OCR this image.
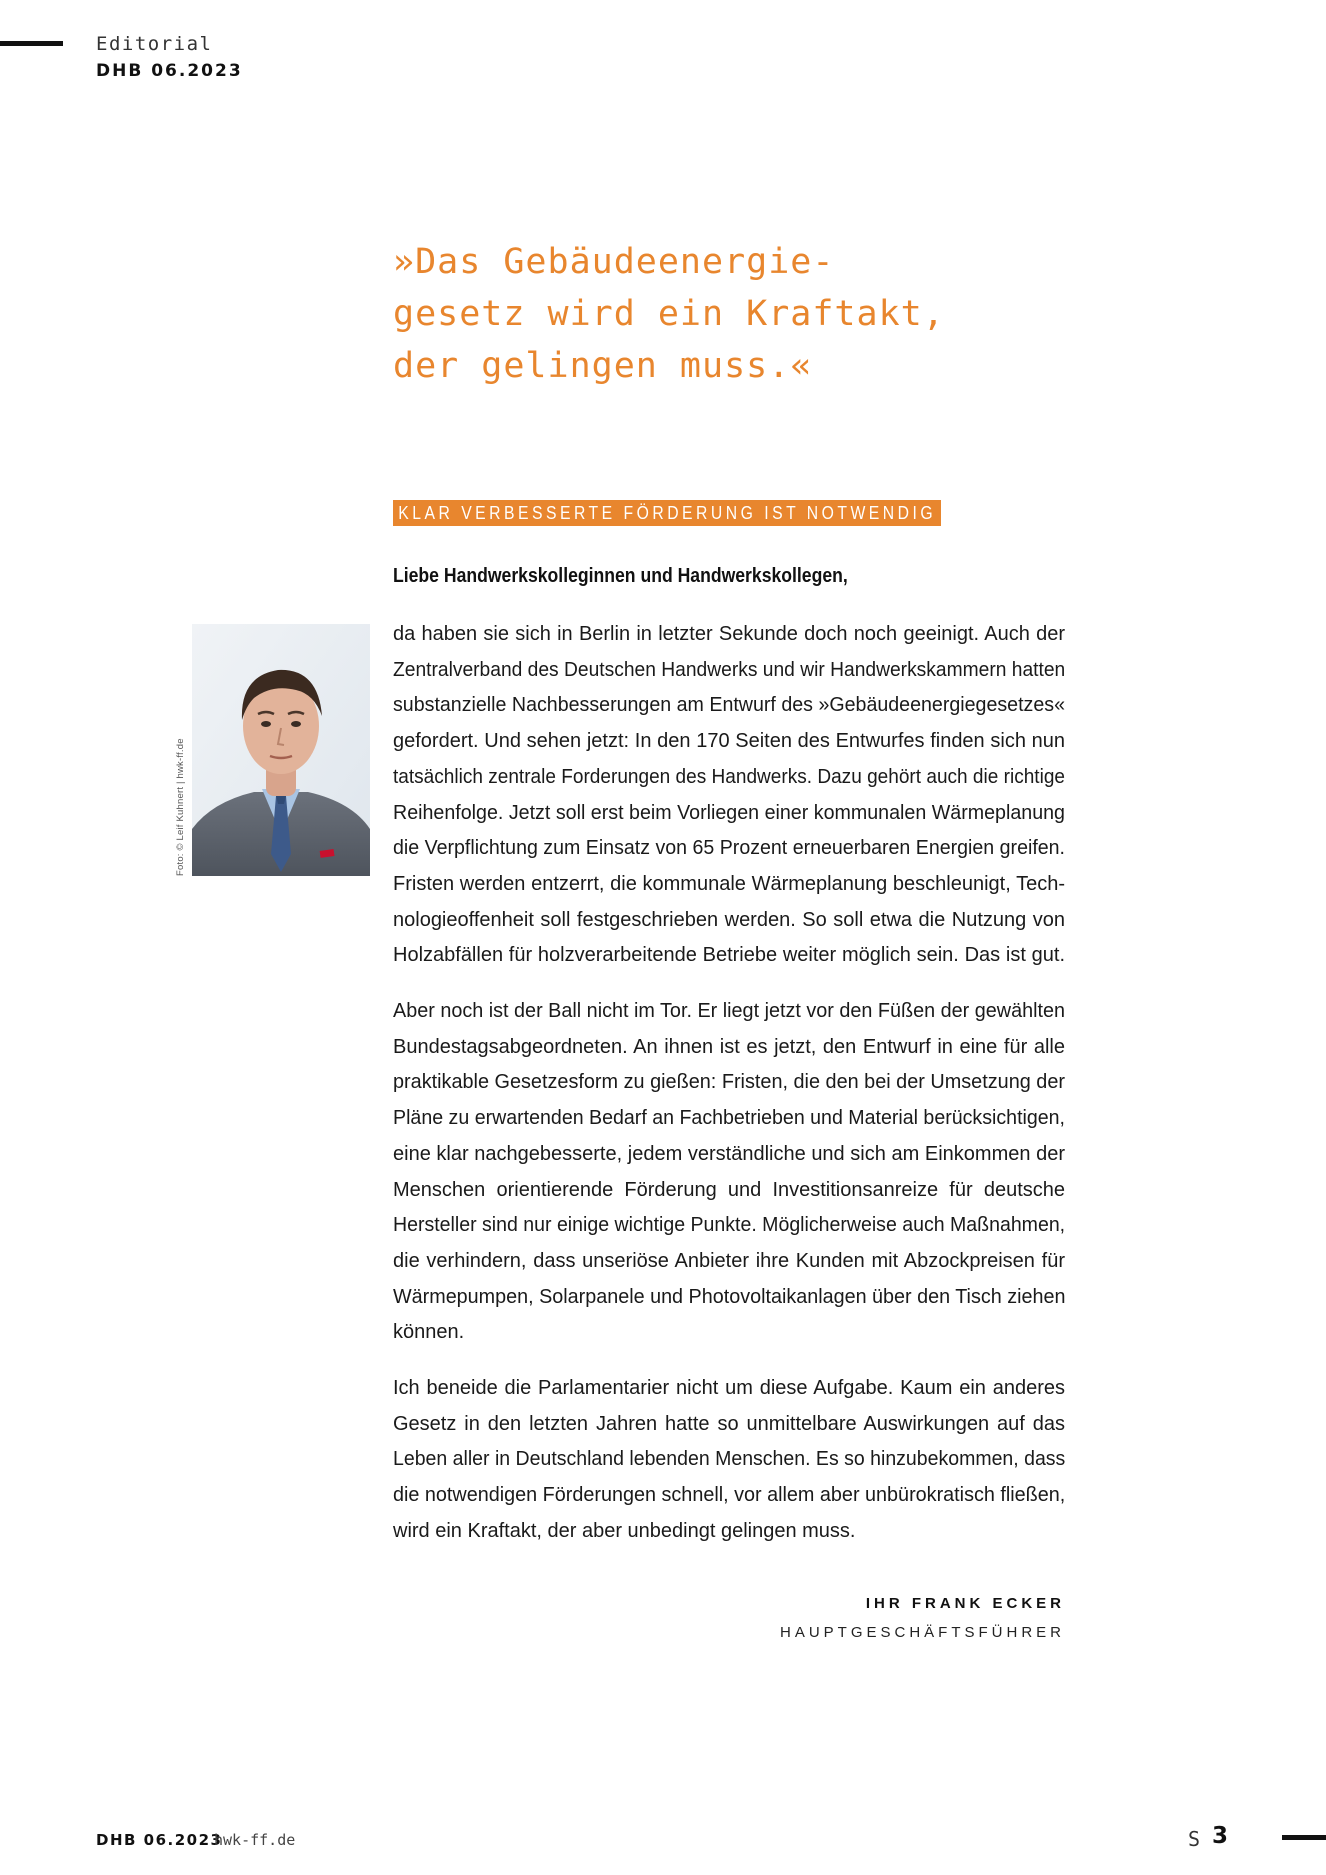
Editorial
DHB 06.2023
»Das Gebäudeenergie-
gesetz wird ein Kraftakt,
der gelingen muss.«
KLAR VERBESSERTE FÖRDERUNG IST NOTWENDIG
Liebe Handwerkskolleginnen und Handwerkskollegen,
Foto: © Leif Kuhnert | hwk-ff.de
da haben sie sich in Berlin in letzter Sekunde doch noch geeinigt. Auch der
Zentralverband des Deutschen Handwerks und wir Handwerkskammern hatten
substanzielle Nachbesserungen am Entwurf des »Gebäudeenergiegesetzes«
gefordert. Und sehen jetzt: In den 170 Seiten des Entwurfes finden sich nun
tatsächlich zentrale Forderungen des Handwerks. Dazu gehört auch die richtige
Reihenfolge. Jetzt soll erst beim Vorliegen einer kommunalen Wärmeplanung
die Verpflichtung zum Einsatz von 65 Prozent erneuerbaren Energien greifen.
Fristen werden entzerrt, die kommunale Wärmeplanung beschleunigt, Tech-
nologieoffenheit soll festgeschrieben werden. So soll etwa die Nutzung von
Holzabfällen für holzverarbeitende Betriebe weiter möglich sein. Das ist gut.
Aber noch ist der Ball nicht im Tor. Er liegt jetzt vor den Füßen der gewählten
Bundestagsabgeordneten. An ihnen ist es jetzt, den Entwurf in eine für alle
praktikable Gesetzesform zu gießen: Fristen, die den bei der Umsetzung der
Pläne zu erwartenden Bedarf an Fachbetrieben und Material berücksichtigen,
eine klar nachgebesserte, jedem verständliche und sich am Einkommen der
Menschen orientierende Förderung und Investitionsanreize für deutsche
Hersteller sind nur einige wichtige Punkte. Möglicherweise auch Maßnahmen,
die verhindern, dass unseriöse Anbieter ihre Kunden mit Abzockpreisen für
Wärmepumpen, Solarpanele und Photovoltaikanlagen über den Tisch ziehen
können.
Ich beneide die Parlamentarier nicht um diese Aufgabe. Kaum ein anderes
Gesetz in den letzten Jahren hatte so unmittelbare Auswirkungen auf das
Leben aller in Deutschland lebenden Menschen. Es so hinzubekommen, dass
die notwendigen Förderungen schnell, vor allem aber unbürokratisch fließen,
wird ein Kraftakt, der aber unbedingt gelingen muss.
IHR FRANK ECKER
HAUPTGESCHÄFTSFÜHRER
DHB 06.2023
hwk-ff.de	S 3
